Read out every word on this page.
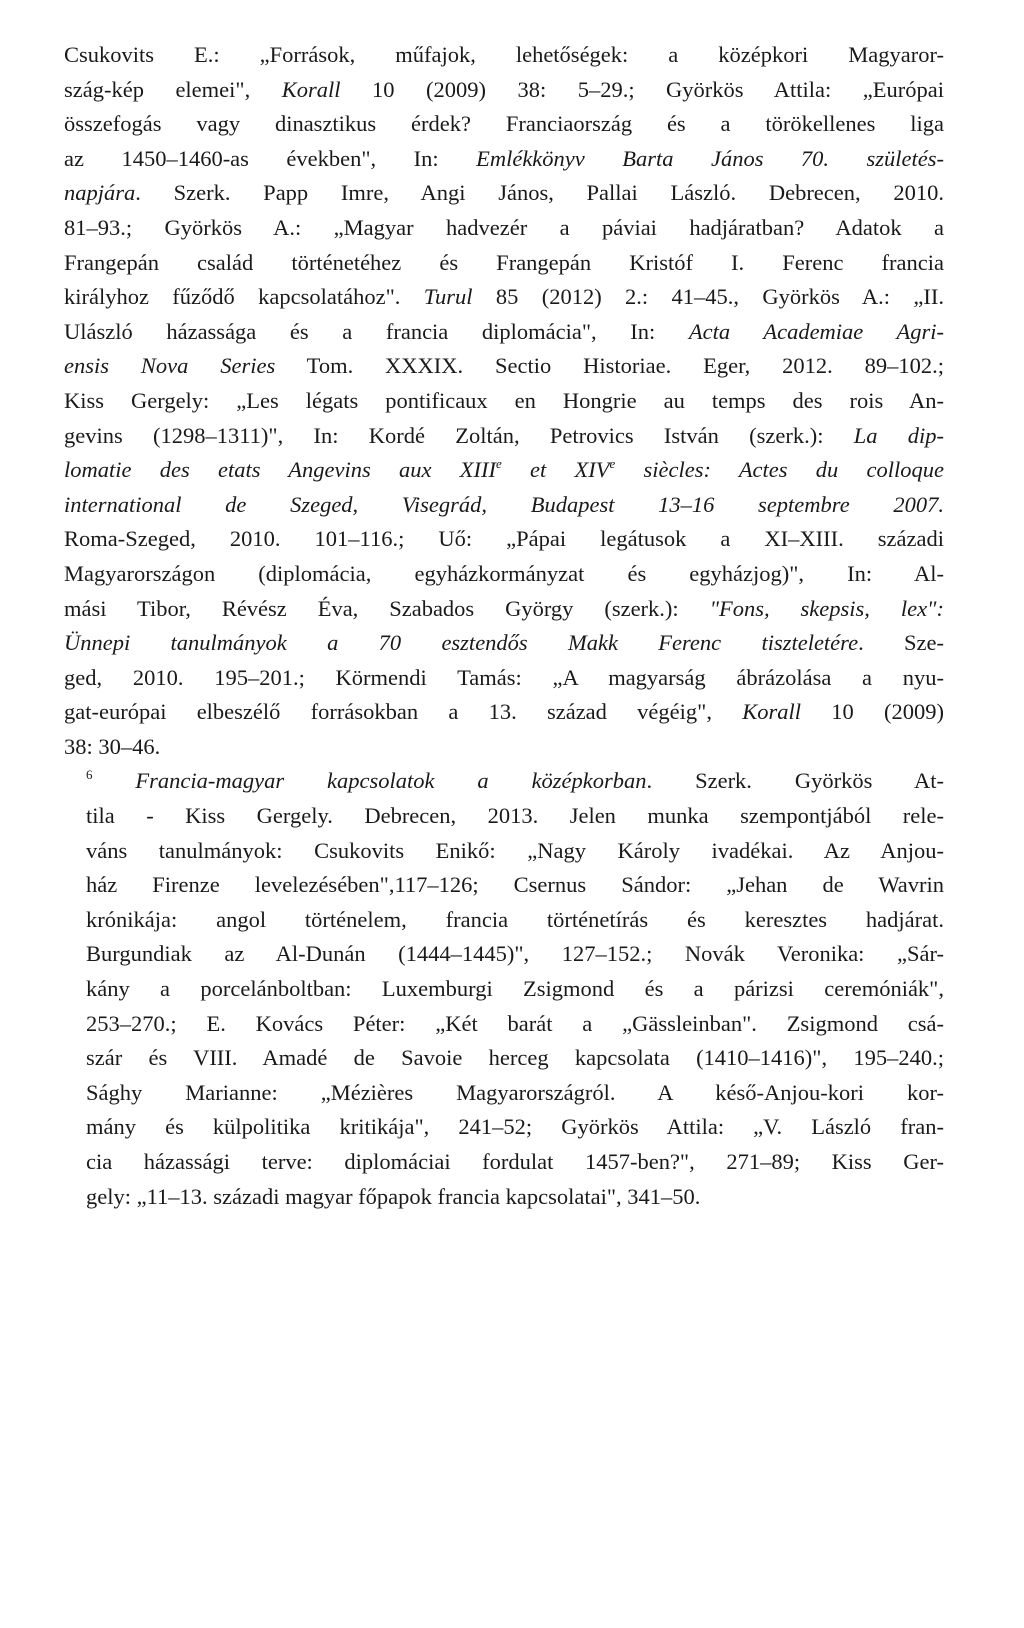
Csukovits E.: „Források, műfajok, lehetőségek: a középkori Magyaror-
szág-kép elemei", Korall 10 (2009) 38: 5–29.; Györkös Attila: „Európai
összefogás vagy dinasztikus érdek? Franciaország és a törökellenes liga
az 1450–1460-as években", In: Emlékkönyv Barta János 70. születés-
napjára. Szerk. Papp Imre, Angi János, Pallai László. Debrecen, 2010.
81–93.; Györkös A.: „Magyar hadvezér a páviai hadjáratban? Adatok a
Frangepán család történetéhez és Frangepán Kristóf I. Ferenc francia
királyhoz fűződő kapcsolatához". Turul 85 (2012) 2.: 41–45., Györkös A.: „II.
Ulászló házassága és a francia diplomácia", In: Acta Academiae Agri-
ensis Nova Series Tom. XXXIX. Sectio Historiae. Eger, 2012. 89–102.;
Kiss Gergely: „Les légats pontificaux en Hongrie au temps des rois An-
gevins (1298–1311)", In: Kordé Zoltán, Petrovics István (szerk.): La dip-
lomatie des etats Angevins aux XIIIe et XIVe siècles: Actes du colloque
international de Szeged, Visegrád, Budapest 13–16 septembre 2007.
Roma-Szeged, 2010. 101–116.; Uő: „Pápai legátusok a XI–XIII. századi
Magyarországon (diplomácia, egyházkormányzat és egyházjog)", In: Al-
mási Tibor, Révész Éva, Szabados György (szerk.): "Fons, skepsis, lex":
Ünnepi tanulmányok a 70 esztendős Makk Ferenc tiszteletére. Sze-
ged, 2010. 195–201.; Körmendi Tamás: „A magyarság ábrázolása a nyu-
gat-európai elbeszélő forrásokban a 13. század végéig", Korall 10 (2009)
38: 30–46.

$^6$ Francia-magyar kapcsolatok a középkorban. Szerk. Györkös At-
tila - Kiss Gergely. Debrecen, 2013. Jelen munka szempontjából rele-
váns tanulmányok: Csukovits Enikő: „Nagy Károly ivadékai. Az Anjou-
ház Firenze levelezésében",117–126; Csernus Sándor: „Jehan de Wavrin
krónikája: angol történelem, francia történetírás és keresztes hadjárat.
Burgundiak az Al-Dunán (1444–1445)", 127–152.; Novák Veronika: „Sár-
kány a porcelánboltban: Luxemburgi Zsigmond és a párizsi ceremóniák",
253–270.; E. Kovács Péter: „Két barát a „Gässleinban". Zsigmond csá-
szár és VIII. Amadé de Savoie herceg kapcsolata (1410–1416)", 195–240.;
Sághy Marianne: „Mézières Magyarországról. A késő-Anjou-kori kor-
mány és külpolitika kritikája", 241–52; Györkös Attila: „V. László fran-
cia házassági terve: diplomáciai fordulat 1457-ben?", 271–89; Kiss Ger-
gely: „11–13. századi magyar főpapok francia kapcsolatai", 341–50.
